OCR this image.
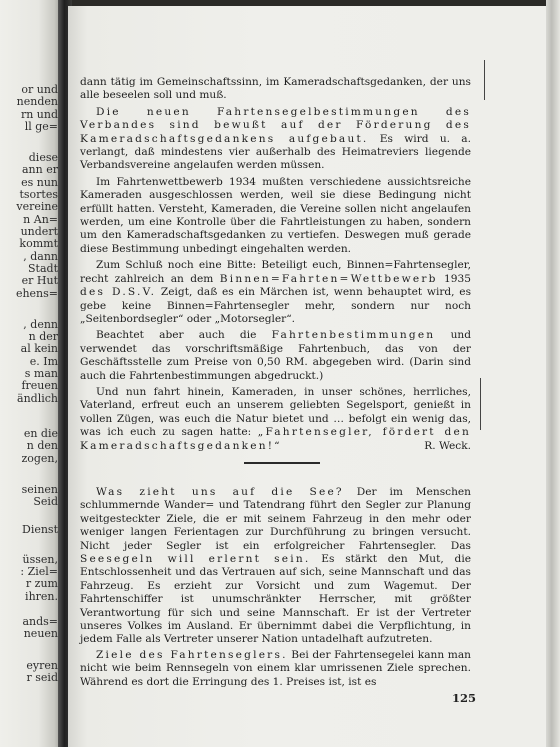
or und
nenden
rn und
ll ge=
diese
ann er
es nun
tsortes
vereine
n An=
undert
kommt
, dann
Stadt
er Hut
ehens=
, denn
n der
al kein
e. Im
s man
freuen
ändlich
en die
n den
zogen,
seinen
Seid
Dienst
üssen,
: Ziel=
r zum
ihren.
ands=
neuen
eyren
r seid

dann tätig im Gemeinschaftssinn, im Kameradschaftsgedanken, der uns alle beseelen soll und muß.

Die neuen Fahrtensegelbestimmungen des Verbandes sind bewußt auf der Förderung des Kameradschaftsgedankens aufgebaut. Es wird u. a. verlangt, daß mindestens vier außerhalb des Heimatreviers liegende Verbandsvereine angelaufen werden müssen.

Im Fahrtenwettbewerb 1934 mußten verschiedene aussichtsreiche Kameraden ausgeschlossen werden, weil sie diese Bedingung nicht erfüllt hatten. Versteht, Kameraden, die Vereine sollen nicht angelaufen werden, um eine Kontrolle über die Fahrtleistungen zu haben, sondern um den Kameradschaftsgedanken zu vertiefen. Deswegen muß gerade diese Bestimmung unbedingt eingehalten werden.

Zum Schluß noch eine Bitte: Beteiligt euch, Binnen=Fahrtensegler, recht zahlreich an dem Binnen=Fahrten=Wettbewerb 1935 des D.S.V. Zeigt, daß es ein Märchen ist, wenn behauptet wird, es gebe keine Binnen=Fahrtensegler mehr, sondern nur noch „Seitenbordsegler“ oder „Motorsegler“.

Beachtet aber auch die Fahrtenbestimmungen und verwendet das vorschriftsmäßige Fahrtenbuch, das von der Geschäftsstelle zum Preise von 0,50 RM. abgegeben wird. (Darin sind auch die Fahrtenbestimmungen abgedruckt.)

Und nun fahrt hinein, Kameraden, in unser schönes, herrliches, Vaterland, erfreut euch an unserem geliebten Segelsport, genießt in vollen Zügen, was euch die Natur bietet und … befolgt ein wenig das, was ich euch zu sagen hatte: „Fahrtensegler, fördert den Kameradschaftsgedanken!“	R. Weck.

Was zieht uns auf die See? Der im Menschen schlummernde Wander= und Tatendrang führt den Segler zur Planung weitgesteckter Ziele, die er mit seinem Fahrzeug in den mehr oder weniger langen Ferientagen zur Durchführung zu bringen versucht. Nicht jeder Segler ist ein erfolgreicher Fahrtensegler. Das Seesegeln will erlernt sein. Es stärkt den Mut, die Entschlossenheit und das Vertrauen auf sich, seine Mannschaft und das Fahrzeug. Es erzieht zur Vorsicht und zum Wagemut. Der Fahrtenschiffer ist unumschränkter Herrscher, mit größter Verantwortung für sich und seine Mannschaft. Er ist der Vertreter unseres Volkes im Ausland. Er übernimmt dabei die Verpflichtung, in jedem Falle als Vertreter unserer Nation untadelhaft aufzutreten.

Ziele des Fahrtenseglers. Bei der Fahrtensegelei kann man nicht wie beim Rennsegeln von einem klar umrissenen Ziele sprechen. Während es dort die Erringung des 1. Preises ist, ist es

125
